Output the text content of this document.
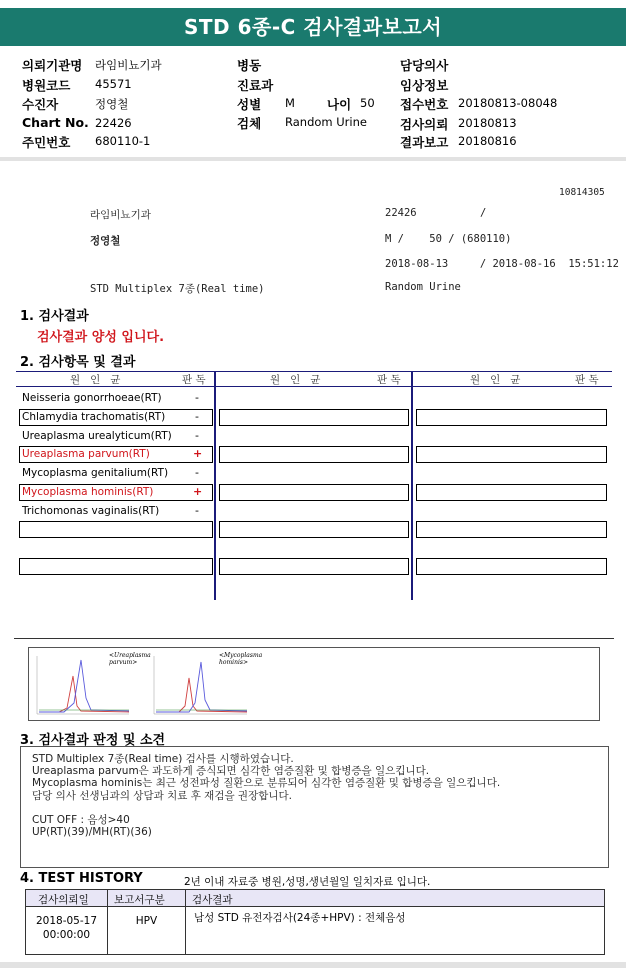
STD 6종-C 검사결과보고서
의뢰기관명 라임비뇨기과
병원코드 45571
수진자	정영철
Chart No. 22426
주민번호 680110-1
병동
진료과
성별 M	나이 50
검체 Random Urine
담당의사
임상정보
접수번호 20180813-08048
검사의뢰 20180813
결과보고 20180816
10814305
라임비뇨기과	22426	/
정영철	M /    50 / (680110)
2018-08-13     / 2018-08-16  15:51:12
STD Multiplex 7종(Real time)	Random Urine
1. 검사결과
검사결과 양성 입니다.
2. 검사항목 및 결과
원   인   균	판 독	원   인   균	판 독	원   인   균	판 독
Neisseria gonorrhoeae(RT)	-
Chlamydia trachomatis(RT)	-
Ureaplasma urealyticum(RT) -
Ureaplasma parvum(RT)	+
Mycoplasma genitalium(RT) -
Mycoplasma hominis(RT)	+
Trichomonas vaginalis(RT)	-
<Ureaplasma parvum>
<Mycoplasma hominis>
3. 검사결과 판정 및 소견
STD Multiplex 7종(Real time) 검사를 시행하였습니다.
Ureaplasma parvum은 과도하게 증식되면 심각한 염증질환 및 합병증을 일으킵니다.
Mycoplasma hominis는 최근 성전파성 질환으로 분류되어 심각한 염증질환 및 합병증을 일으킵니다.
담당 의사 선생님과의 상담과 치료 후 재검을 권장합니다.
CUT OFF : 음성>40
UP(RT)(39)/MH(RT)(36)
4. TEST HISTORY	2년 이내 자료중 병원,성명,생년월일 일치자료 입니다.
검사의뢰일 보고서구분	검사결과
2018-05-17
00:00:00
HPV	남성 STD 유전자검사(24종+HPV) : 전체음성
